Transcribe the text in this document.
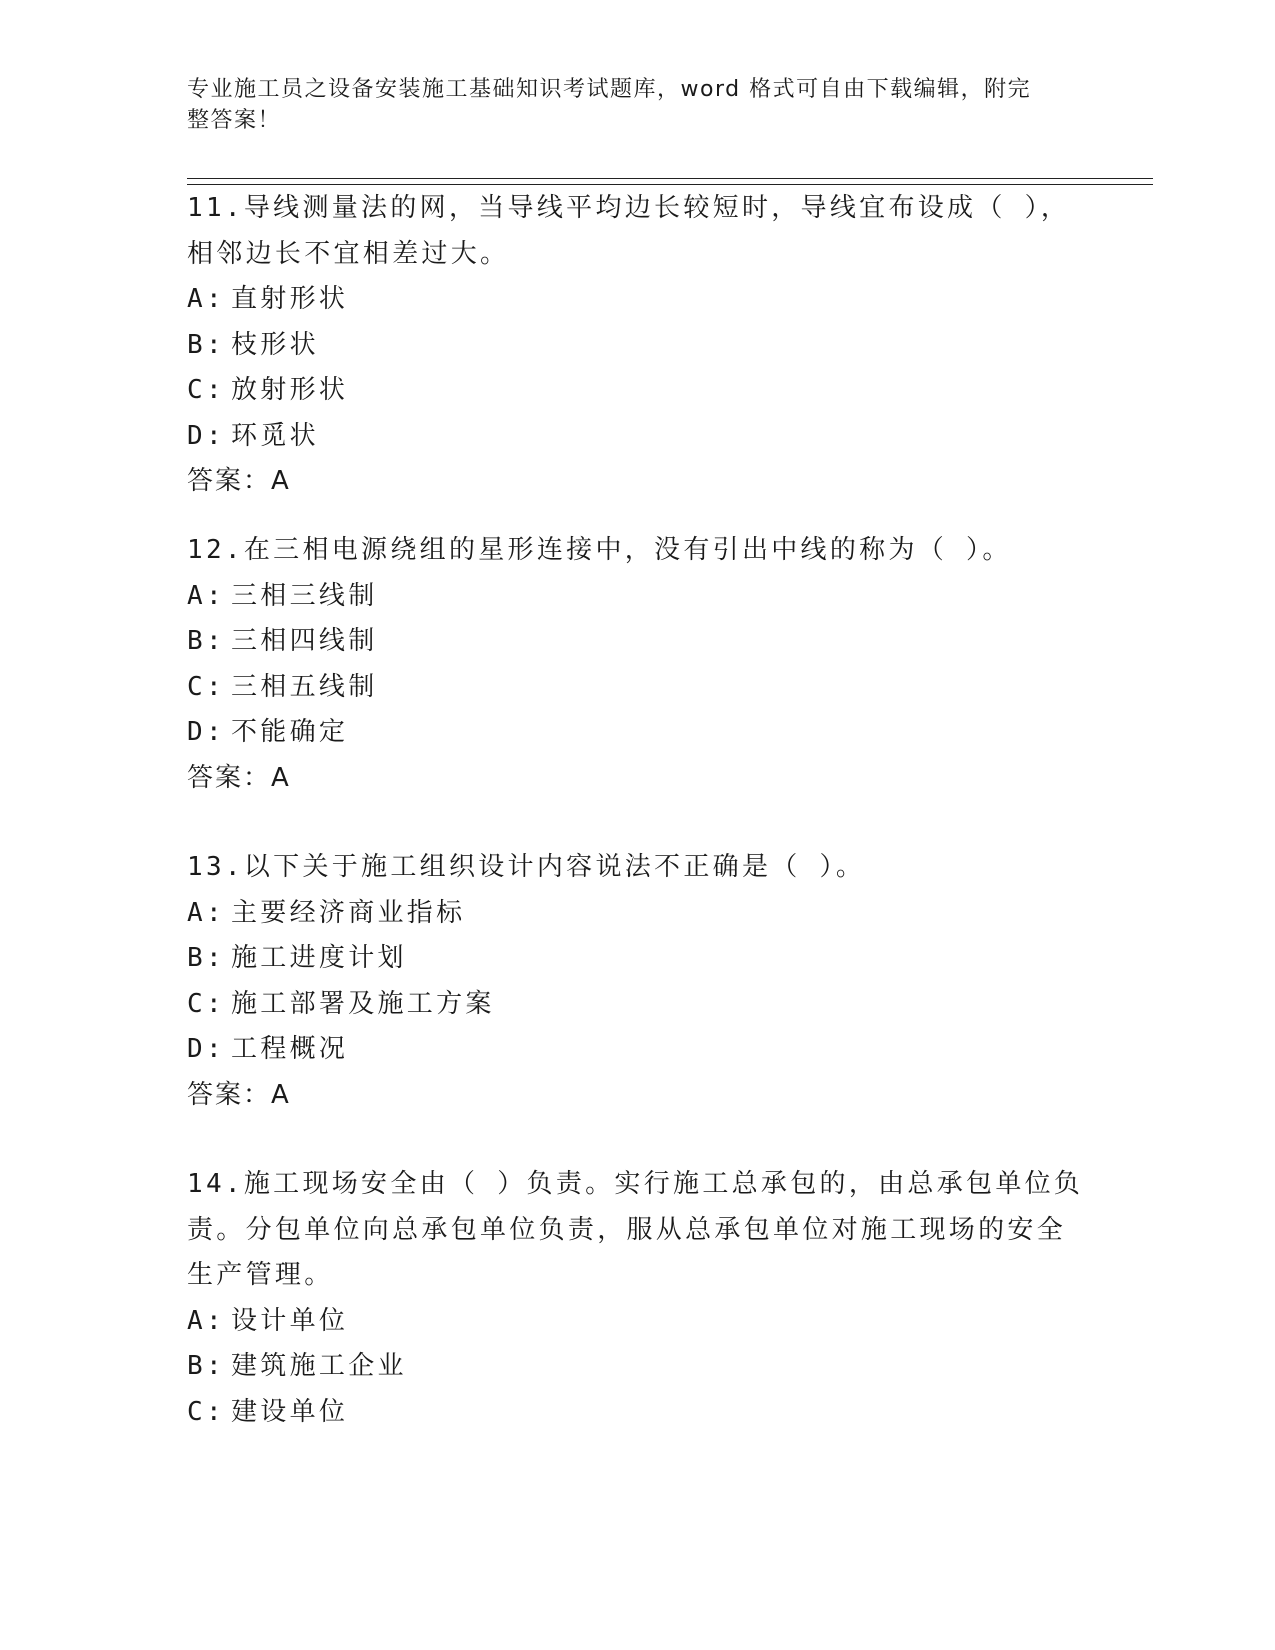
专业施工员之设备安装施工基础知识考试题库，word 格式可自由下载编辑，附完
整答案！
11.导线测量法的网，当导线平均边长较短时，导线宜布设成（ ），
相邻边长不宜相差过大。
A: 直射形状
B: 枝形状
C: 放射形状
D: 环觅状
答案：A
12.在三相电源绕组的星形连接中，没有引出中线的称为（ ）。
A: 三相三线制
B: 三相四线制
C: 三相五线制
D: 不能确定
答案：A
13.以下关于施工组织设计内容说法不正确是（ ）。
A: 主要经济商业指标
B: 施工进度计划
C: 施工部署及施工方案
D: 工程概况
答案：A
14.施工现场安全由（ ）负责。实行施工总承包的，由总承包单位负
责。分包单位向总承包单位负责，服从总承包单位对施工现场的安全
生产管理。
A: 设计单位
B: 建筑施工企业
C: 建设单位
